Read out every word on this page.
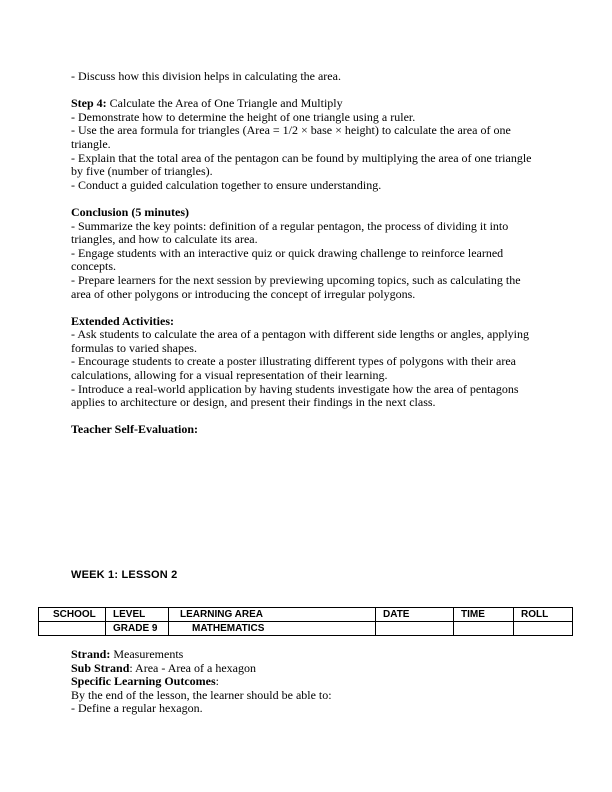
- Discuss how this division helps in calculating the area.

Step 4: Calculate the Area of One Triangle and Multiply

- Demonstrate how to determine the height of one triangle using a ruler.

- Use the area formula for triangles (Area = 1/2 × base × height) to calculate the area of one triangle.

- Explain that the total area of the pentagon can be found by multiplying the area of one triangle by five (number of triangles).

- Conduct a guided calculation together to ensure understanding.

Conclusion (5 minutes)

- Summarize the key points: definition of a regular pentagon, the process of dividing it into triangles, and how to calculate its area.

- Engage students with an interactive quiz or quick drawing challenge to reinforce learned concepts.

- Prepare learners for the next session by previewing upcoming topics, such as calculating the area of other polygons or introducing the concept of irregular polygons.

Extended Activities:

- Ask students to calculate the area of a pentagon with different side lengths or angles, applying formulas to varied shapes.

- Encourage students to create a poster illustrating different types of polygons with their area calculations, allowing for a visual representation of their learning.

- Introduce a real-world application by having students investigate how the area of pentagons applies to architecture or design, and present their findings in the next class.

Teacher Self-Evaluation:

WEEK 1: LESSON 2
SCHOOL	LEVEL	LEARNING AREA	DATE	TIME	ROLL
	GRADE 9	MATHEMATICS			

Strand: Measurements

Sub Strand: Area - Area of a hexagon

Specific Learning Outcomes:

By the end of the lesson, the learner should be able to:

- Define a regular hexagon.
